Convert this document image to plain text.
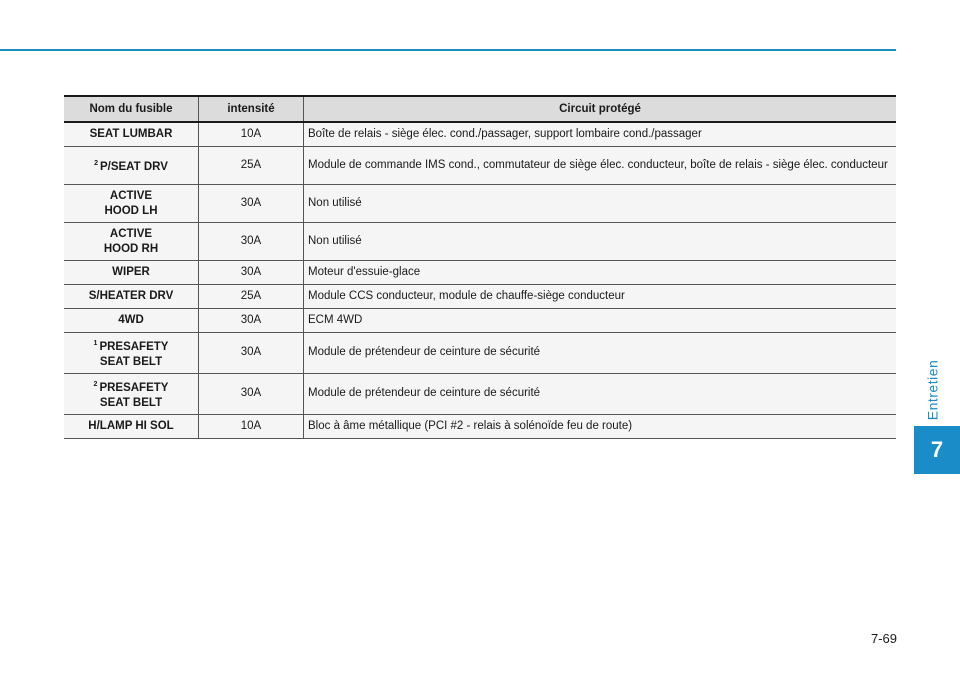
Nom du fusible	intensité	Circuit protégé
SEAT LUMBAR	10A	Boîte de relais - siège élec. cond./passager, support lombaire cond./passager
$^2$ P/SEAT DRV	25A	Module de commande IMS cond., commutateur de siège élec. conducteur, boîte de relais - siège élec. conducteur
ACTIVE
HOOD LH	30A	Non utilisé
ACTIVE
HOOD RH	30A	Non utilisé
WIPER	30A	Moteur d'essuie-glace
S/HEATER DRV	25A	Module CCS conducteur, module de chauffe-siège conducteur
4WD	30A	ECM 4WD
$^1$ PRESAFETY
SEAT BELT	30A	Module de prétendeur de ceinture de sécurité
$^2$ PRESAFETY
SEAT BELT	30A	Module de prétendeur de ceinture de sécurité
H/LAMP HI SOL	10A	Bloc à âme métallique (PCI #2 - relais à solénoïde feu de route)
Entretien
7
7-69
